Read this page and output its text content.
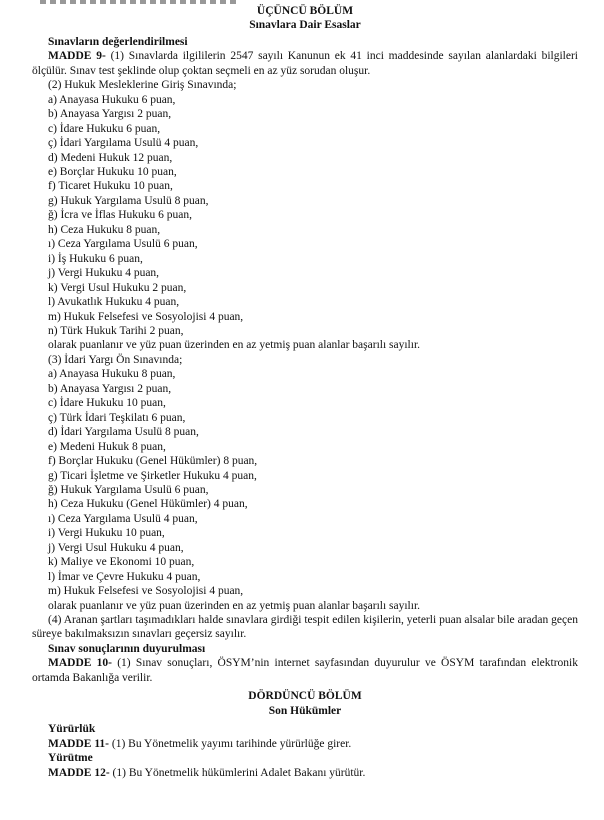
ÜÇÜNCÜ BÖLÜM
Sınavlara Dair Esaslar
Sınavların değerlendirilmesi
MADDE 9- (1) Sınavlarda ilgililerin 2547 sayılı Kanunun ek 41 inci maddesinde sayılan alanlardaki bilgileri ölçülür. Sınav test şeklinde olup çoktan seçmeli en az yüz sorudan oluşur.
(2) Hukuk Mesleklerine Giriş Sınavında;
a) Anayasa Hukuku 6 puan,
b) Anayasa Yargısı 2 puan,
c) İdare Hukuku 6 puan,
ç) İdari Yargılama Usulü 4 puan,
d) Medeni Hukuk 12 puan,
e) Borçlar Hukuku 10 puan,
f) Ticaret Hukuku 10 puan,
g) Hukuk Yargılama Usulü 8 puan,
ğ) İcra ve İflas Hukuku 6 puan,
h) Ceza Hukuku 8 puan,
ı) Ceza Yargılama Usulü 6 puan,
i) İş Hukuku 6 puan,
j) Vergi Hukuku 4 puan,
k) Vergi Usul Hukuku 2 puan,
l) Avukatlık Hukuku 4 puan,
m) Hukuk Felsefesi ve Sosyolojisi 4 puan,
n) Türk Hukuk Tarihi 2 puan,
olarak puanlanır ve yüz puan üzerinden en az yetmiş puan alanlar başarılı sayılır.
(3) İdari Yargı Ön Sınavında;
a) Anayasa Hukuku 8 puan,
b) Anayasa Yargısı 2 puan,
c) İdare Hukuku 10 puan,
ç) Türk İdari Teşkilatı 6 puan,
d) İdari Yargılama Usulü 8 puan,
e) Medeni Hukuk 8 puan,
f) Borçlar Hukuku (Genel Hükümler) 8 puan,
g) Ticari İşletme ve Şirketler Hukuku 4 puan,
ğ) Hukuk Yargılama Usulü 6 puan,
h) Ceza Hukuku (Genel Hükümler) 4 puan,
ı) Ceza Yargılama Usulü 4 puan,
i) Vergi Hukuku 10 puan,
j) Vergi Usul Hukuku 4 puan,
k) Maliye ve Ekonomi 10 puan,
l) İmar ve Çevre Hukuku 4 puan,
m) Hukuk Felsefesi ve Sosyolojisi 4 puan,
olarak puanlanır ve yüz puan üzerinden en az yetmiş puan alanlar başarılı sayılır.
(4) Aranan şartları taşımadıkları halde sınavlara girdiği tespit edilen kişilerin, yeterli puan alsalar bile aradan geçen süreye bakılmaksızın sınavları geçersiz sayılır.
Sınav sonuçlarının duyurulması
MADDE 10- (1) Sınav sonuçları, ÖSYM’nin internet sayfasından duyurulur ve ÖSYM tarafından elektronik ortamda Bakanlığa verilir.
DÖRDÜNCÜ BÖLÜM
Son Hükümler
Yürürlük
MADDE 11- (1) Bu Yönetmelik yayımı tarihinde yürürlüğe girer.
Yürütme
MADDE 12- (1) Bu Yönetmelik hükümlerini Adalet Bakanı yürütür.
